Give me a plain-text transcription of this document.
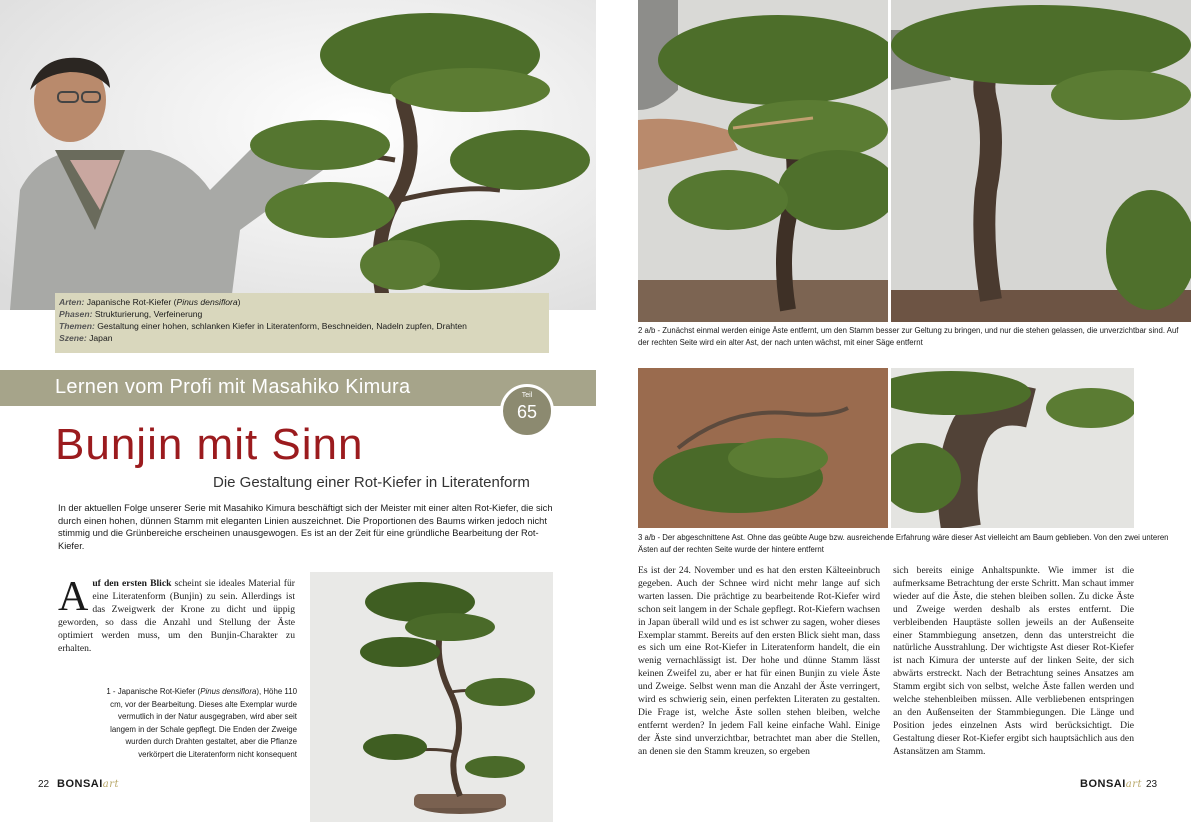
Arten: Japanische Rot-Kiefer (Pinus densiflora)
Phasen: Strukturierung, Verfeinerung
Themen: Gestaltung einer hohen, schlanken Kiefer in Literatenform, Beschneiden, Nadeln zupfen, Drahten
Szene: Japan
Lernen vom Profi mit Masahiko Kimura	Teil
65
Bunjin mit Sinn
Die Gestaltung einer Rot-Kiefer in Literatenform
In der aktuellen Folge unserer Serie mit Masahiko Kimura beschäftigt sich der Meister mit einer alten Rot-Kiefer, die sich durch einen hohen, dünnen Stamm mit eleganten Linien auszeichnet. Die Proportionen des Baums wirken jedoch nicht stimmig und die Grünbereiche erscheinen unausgewogen. Es ist an der Zeit für eine gründliche Bearbeitung der Rot-Kiefer.
Auf den ersten Blick scheint sie ideales Material für eine Literatenform (Bunjin) zu sein. Allerdings ist das Zweigwerk der Krone zu dicht und üppig geworden, so dass die Anzahl und Stellung der Äste optimiert werden muss, um den Bunjin-Charakter zu erhalten.
1 - Japanische Rot-Kiefer (Pinus densiflora), Höhe 110 cm, vor der Bearbeitung. Dieses alte Exemplar wurde vermutlich in der Natur ausgegraben, wird aber seit langem in der Schale gepflegt. Die Enden der Zweige wurden durch Drahten gestaltet, aber die Pflanze verkörpert die Literatenform nicht konsequent
22 BONSAIart
2 a/b - Zunächst einmal werden einige Äste entfernt, um den Stamm besser zur Geltung zu bringen, und nur die stehen gelassen, die unverzichtbar sind. Auf der rechten Seite wird ein alter Ast, der nach unten wächst, mit einer Säge entfernt
3 a/b - Der abgeschnittene Ast. Ohne das geübte Auge bzw. ausreichende Erfahrung wäre dieser Ast vielleicht am Baum geblieben. Von den zwei unteren Ästen auf der rechten Seite wurde der hintere entfernt
Es ist der 24. November und es hat den ersten Kälteeinbruch gegeben. Auch der Schnee wird nicht mehr lange auf sich warten lassen. Die prächtige zu bearbeitende Rot-Kiefer wird schon seit langem in der Schale gepflegt. Rot-Kiefern wachsen in Japan überall wild und es ist schwer zu sagen, woher dieses Exemplar stammt. Bereits auf den ersten Blick sieht man, dass es sich um eine Rot-Kiefer in Literatenform handelt, die ein wenig vernachlässigt ist. Der hohe und dünne Stamm lässt keinen Zweifel zu, aber er hat für einen Bunjin zu viele Äste und Zweige. Selbst wenn man die Anzahl der Äste verringert, wird es schwierig sein, einen perfekten Literaten zu gestalten. Die Frage ist, welche Äste sollen stehen bleiben, welche entfernt werden? In jedem Fall keine einfache Wahl. Einige der Äste sind unverzichtbar, betrachtet man aber die Stellen, an denen sie den Stamm kreuzen, so ergeben
sich bereits einige Anhaltspunkte. Wie immer ist die aufmerksame Betrachtung der erste Schritt. Man schaut immer wieder auf die Äste, die stehen bleiben sollen. Zu dicke Äste und Zweige werden deshalb als erstes entfernt. Die verbleibenden Hauptäste sollen jeweils an der Außenseite einer Stammbiegung ansetzen, denn das unterstreicht die natürliche Ausstrahlung. Der wichtigste Ast dieser Rot-Kiefer ist nach Kimura der unterste auf der linken Seite, der sich abwärts erstreckt. Nach der Betrachtung seines Ansatzes am Stamm ergibt sich von selbst, welche Äste fallen werden und welche stehenbleiben müssen. Alle verbliebenen entspringen an den Außenseiten der Stammbiegungen. Die Länge und Position jedes einzelnen Asts wird berücksichtigt. Die Gestaltung dieser Rot-Kiefer ergibt sich hauptsächlich aus den Astansätzen am Stamm.
BONSAIart 23
